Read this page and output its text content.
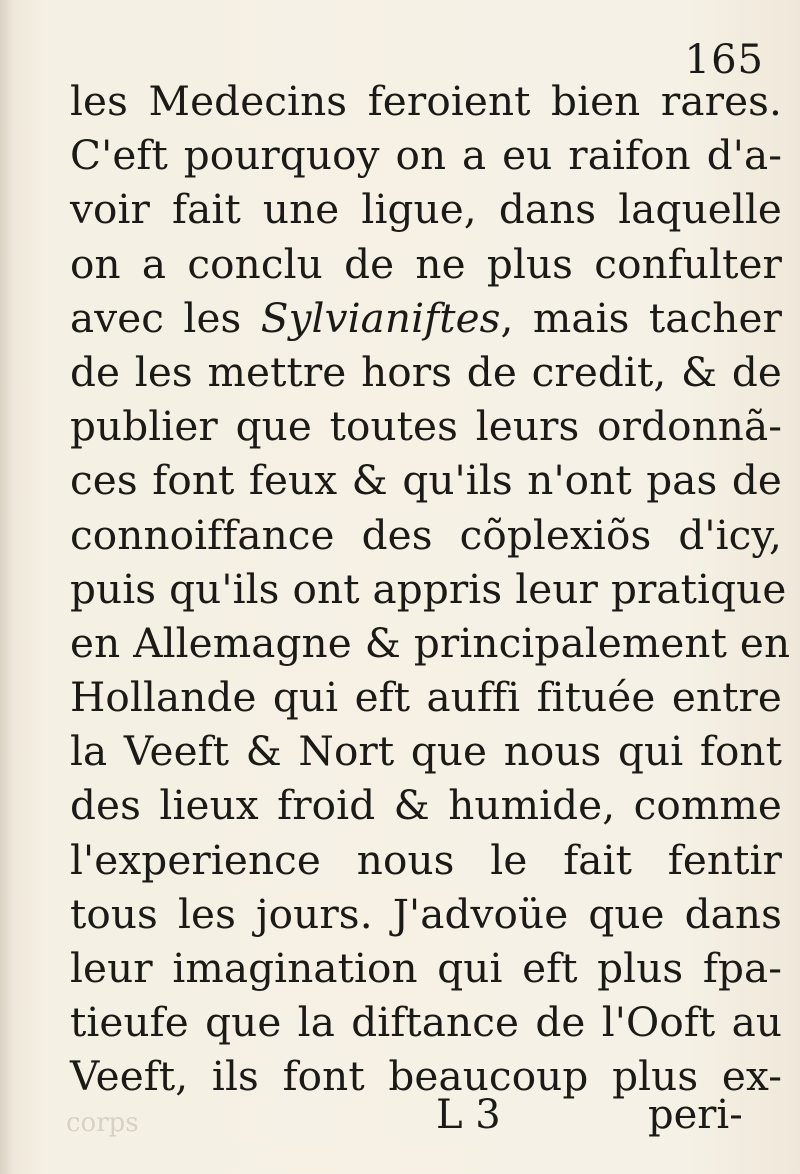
165
les Medecins feroient bien rares.
C'eft pourquoy on a eu raifon d'a-
voir fait une ligue, dans laquelle
on a conclu de ne plus confulter
avec les Sylvianiftes, mais tacher
de les mettre hors de credit, & de
publier que toutes leurs ordonnã-
ces font feux & qu'ils n'ont pas de
connoiffance des cõplexiõs d'icy,
puis qu'ils ont appris leur pratique
en Allemagne & principalement en
Hollande qui eft auffi fituée entre
la Veeft & Nort que nous qui font
des lieux froid & humide, comme
l'experience nous le fait fentir
tous les jours. J'advoüe que dans
leur imagination qui eft plus fpa-
tieufe que la diftance de l'Ooft au
Veeft, ils font beaucoup plus ex-
corps	L 3	peri-
